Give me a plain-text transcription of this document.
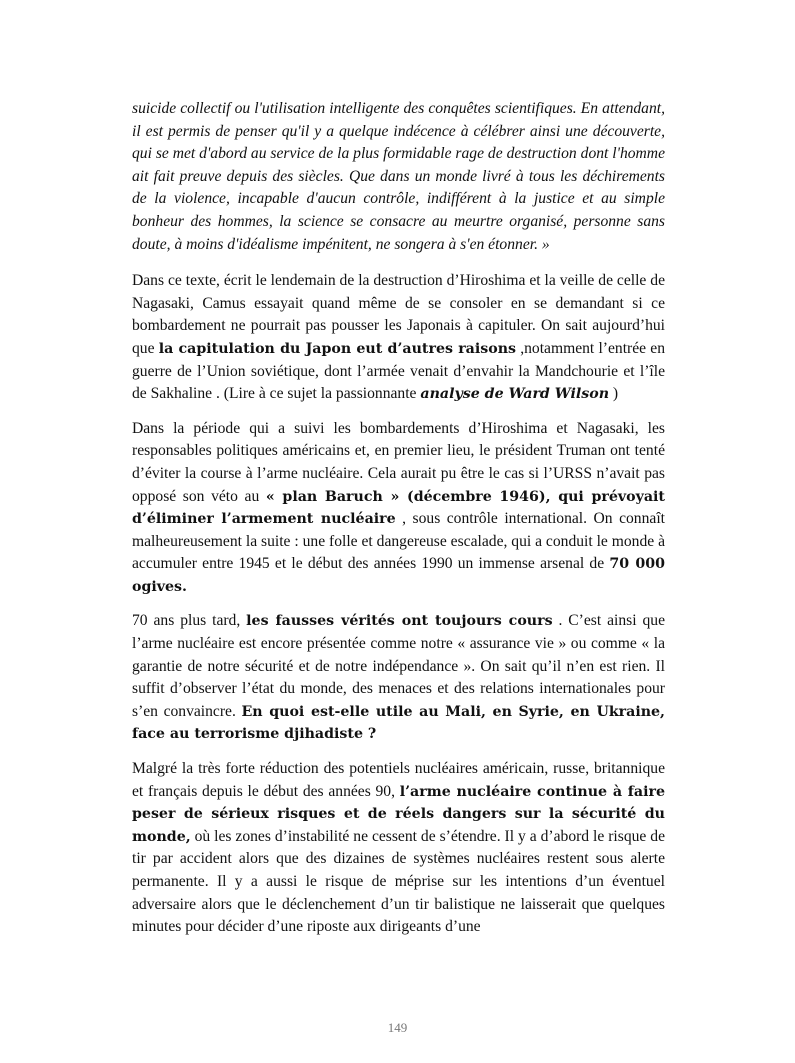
suicide collectif ou l'utilisation intelligente des conquêtes scientifiques. En attendant, il est permis de penser qu'il y a quelque indécence à célébrer ainsi une découverte, qui se met d'abord au service de la plus formidable rage de destruction dont l'homme ait fait preuve depuis des siècles. Que dans un monde livré à tous les déchirements de la violence, incapable d'aucun contrôle, indifférent à la justice et au simple bonheur des hommes, la science se consacre au meurtre organisé, personne sans doute, à moins d'idéalisme impénitent, ne songera à s'en étonner. »

Dans ce texte, écrit le lendemain de la destruction d’Hiroshima et la veille de celle de Nagasaki, Camus essayait quand même de se consoler en se demandant si ce bombardement ne pourrait pas pousser les Japonais à capituler. On sait aujourd’hui que la capitulation du Japon eut d’autres raisons ,notamment l’entrée en guerre de l’Union soviétique, dont l’armée venait d’envahir la Mandchourie et l’île de Sakhaline . (Lire à ce sujet la passionnante analyse de Ward Wilson )

Dans la période qui a suivi les bombardements d’Hiroshima et Nagasaki, les responsables politiques américains et, en premier lieu, le président Truman ont tenté d’éviter la course à l’arme nucléaire. Cela aurait pu être le cas si l’URSS n’avait pas opposé son véto au « plan Baruch » (décembre 1946), qui prévoyait d’éliminer l’armement nucléaire , sous contrôle international. On connaît malheureusement la suite : une folle et dangereuse escalade, qui a conduit le monde à accumuler entre 1945 et le début des années 1990 un immense arsenal de 70 000 ogives.

70 ans plus tard, les fausses vérités ont toujours cours . C’est ainsi que l’arme nucléaire est encore présentée comme notre « assurance vie » ou comme « la garantie de notre sécurité et de notre indépendance ». On sait qu’il n’en est rien. Il suffit d’observer l’état du monde, des menaces et des relations internationales pour s’en convaincre. En quoi est-elle utile au Mali, en Syrie, en Ukraine, face au terrorisme djihadiste ?

Malgré la très forte réduction des potentiels nucléaires américain, russe, britannique et français depuis le début des années 90, l’arme nucléaire continue à faire peser de sérieux risques et de réels dangers sur la sécurité du monde, où les zones d’instabilité ne cessent de s’étendre. Il y a d’abord le risque de tir par accident alors que des dizaines de systèmes nucléaires restent sous alerte permanente. Il y a aussi le risque de méprise sur les intentions d’un éventuel adversaire alors que le déclenchement d’un tir balistique ne laisserait que quelques minutes pour décider d’une riposte aux dirigeants d’une

149
